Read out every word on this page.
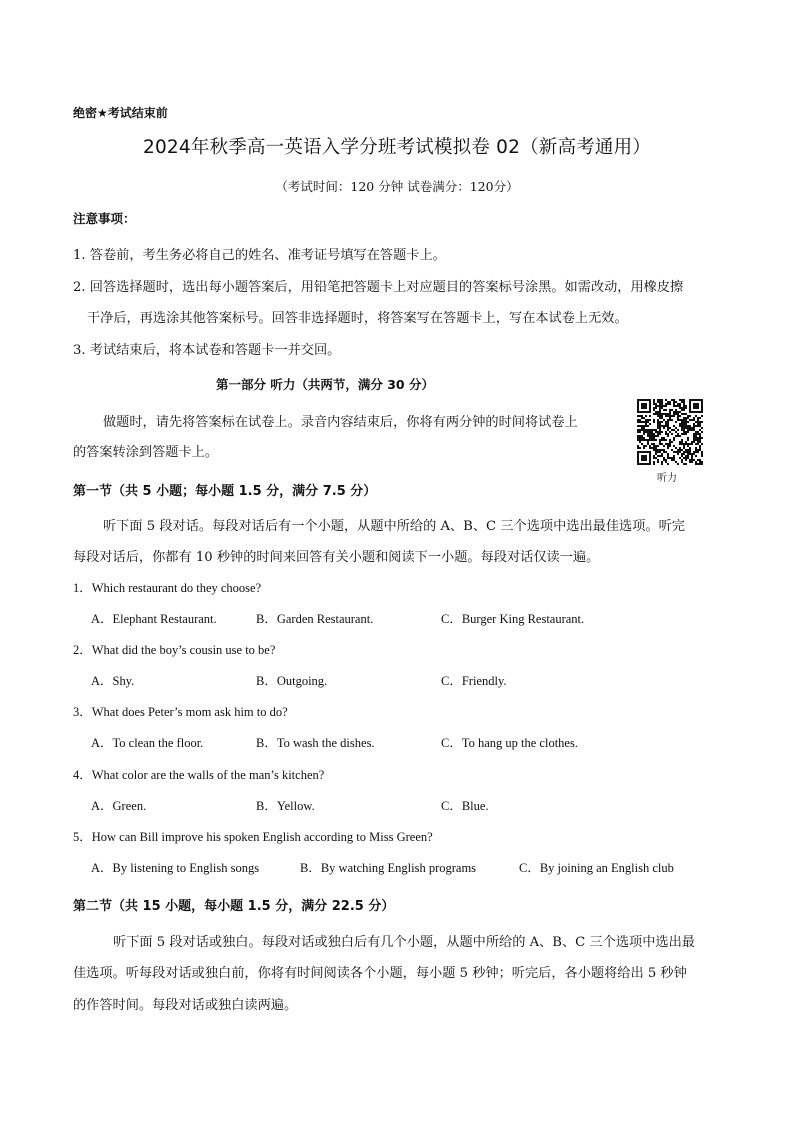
绝密★考试结束前
2024年秋季高一英语入学分班考试模拟卷 02（新高考通用）
（考试时间：120 分钟 试卷满分：120分）
注意事项：
1. 答卷前，考生务必将自己的姓名、准考证号填写在答题卡上。
2. 回答选择题时，选出每小题答案后，用铅笔把答题卡上对应题目的答案标号涂黑。如需改动，用橡皮擦
干净后，再选涂其他答案标号。回答非选择题时，将答案写在答题卡上，写在本试卷上无效。
3. 考试结束后，将本试卷和答题卡一并交回。
第一部分 听力（共两节，满分 30 分）
做题时，请先将答案标在试卷上。录音内容结束后，你将有两分钟的时间将试卷上
的答案转涂到答题卡上。
听力
第一节（共 5 小题；每小题 1.5 分，满分 7.5 分）
听下面 5 段对话。每段对话后有一个小题，从题中所给的 A、B、C 三个选项中选出最佳选项。听完
每段对话后，你都有 10 秒钟的时间来回答有关小题和阅读下一小题。每段对话仅读一遍。
1．Which restaurant do they choose?
A．Elephant Restaurant.	B．Garden Restaurant.	C．Burger King Restaurant.
2．What did the boy’s cousin use to be?
A．Shy.	B．Outgoing.	C．Friendly.
3．What does Peter’s mom ask him to do?
A．To clean the floor.	B．To wash the dishes.	C．To hang up the clothes.
4．What color are the walls of the man’s kitchen?
A．Green.	B．Yellow.	C．Blue.
5．How can Bill improve his spoken English according to Miss Green?
A．By listening to English songs	B．By watching English programs	C．By joining an English club
第二节（共 15 小题，每小题 1.5 分，满分 22.5 分）
听下面 5 段对话或独白。每段对话或独白后有几个小题，从题中所给的 A、B、C 三个选项中选出最
佳选项。听每段对话或独白前，你将有时间阅读各个小题，每小题 5 秒钟；听完后，各小题将给出 5 秒钟
的作答时间。每段对话或独白读两遍。
